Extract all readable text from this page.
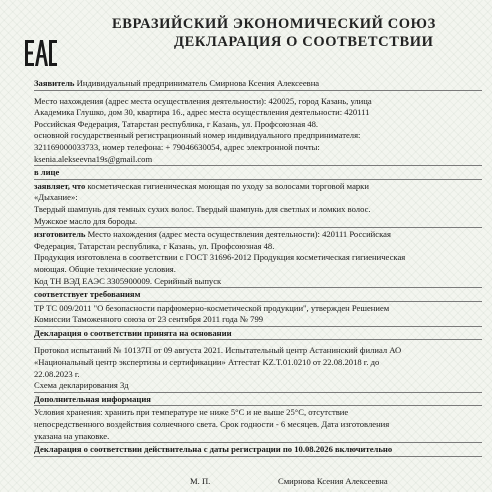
ЕВРАЗИЙСКИЙ ЭКОНОМИЧЕСКИЙ СОЮЗ
ДЕКЛАРАЦИЯ О СООТВЕТСТВИИ
Заявитель Индивидуальный предприниматель Смирнова Ксения Алексеевна
Место нахождения (адрес места осуществления деятельности): 420025, город Казань, улица
Академика Глушко, дом 30, квартира 16., адрес места осуществления деятельности: 420111
Российская Федерация, Татарстан республика, г Казань, ул. Профсоюзная 48.
основной государственный регистрационный номер индивидуального предпринимателя:
321169000033733, номер телефона: + 79046630054, адрес электронной почты:
ksenia.alekseevna19s@gmail.com
в лице
заявляет, что косметическая гигиеническая моющая по уходу за волосами торговой марки
«Дыхание»:
Твердый шампунь для темных сухих волос. Твердый шампунь для светлых и ломких волос.
Мужское масло для бороды.
изготовитель Место нахождения (адрес места осуществления деятельности): 420111 Российская
Федерация, Татарстан республика, г Казань, ул. Профсоюзная 48.
Продукция изготовлена в соответствии с ГОСТ 31696-2012 Продукция косметическая гигиеническая
моющая. Общие технические условия.
Код ТН ВЭД ЕАЭС 3305900009. Серийный выпуск
соответствует требованиям
ТР ТС 009/2011 "О безопасности парфюмерно-косметической продукции", утвержден Решением
Комиссии Таможенного союза от 23 сентября 2011 года № 799
Декларация о соответствии принята на основании
Протокол испытаний № 10137П от 09 августа 2021. Испытательный центр Астанинский филиал АО
«Национальный центр экспертизы и сертификации» Аттестат KZ.T.01.0210 от 22.08.2018 г. до
22.08.2023 г.
Схема декларирования 3д
Дополнительная информация
Условия хранения: хранить при температуре не ниже 5°С и не выше 25°С, отсутствие
непосредственного воздействия солнечного света. Срок годности - 6 месяцев. Дата изготовления
указана на упаковке.
Декларация о соответствии действительна с даты регистрации по 10.08.2026 включительно
М. П.	Смирнова Ксения Алексеевна
